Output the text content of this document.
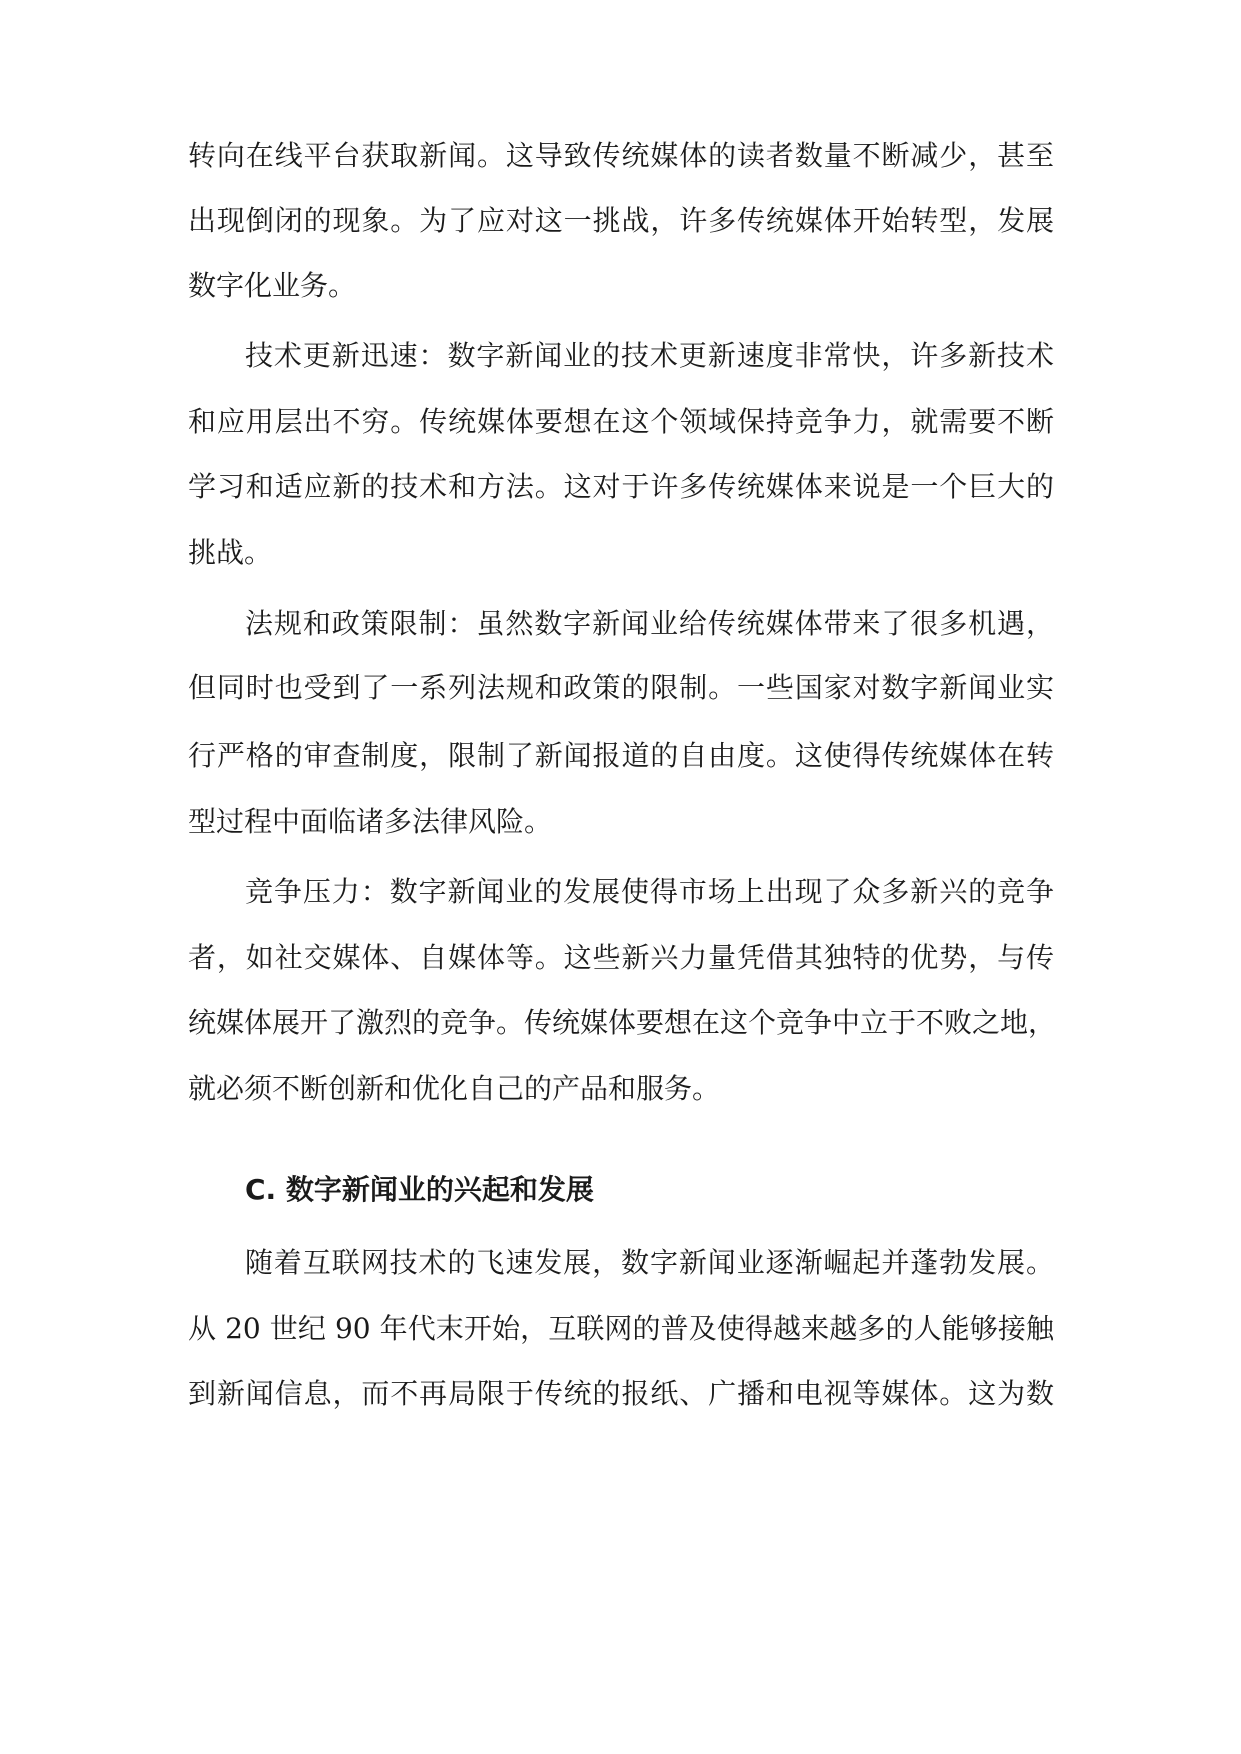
转向在线平台获取新闻。这导致传统媒体的读者数量不断减少，甚至
出现倒闭的现象。为了应对这一挑战，许多传统媒体开始转型，发展
数字化业务。
技术更新迅速：数字新闻业的技术更新速度非常快，许多新技术
和应用层出不穷。传统媒体要想在这个领域保持竞争力，就需要不断
学习和适应新的技术和方法。这对于许多传统媒体来说是一个巨大的
挑战。
法规和政策限制：虽然数字新闻业给传统媒体带来了很多机遇，
但同时也受到了一系列法规和政策的限制。一些国家对数字新闻业实
行严格的审查制度，限制了新闻报道的自由度。这使得传统媒体在转
型过程中面临诸多法律风险。
竞争压力：数字新闻业的发展使得市场上出现了众多新兴的竞争
者，如社交媒体、自媒体等。这些新兴力量凭借其独特的优势，与传
统媒体展开了激烈的竞争。传统媒体要想在这个竞争中立于不败之地，
就必须不断创新和优化自己的产品和服务。
C. 数字新闻业的兴起和发展
随着互联网技术的飞速发展，数字新闻业逐渐崛起并蓬勃发展。
从 20 世纪 90 年代末开始，互联网的普及使得越来越多的人能够接触
到新闻信息，而不再局限于传统的报纸、广播和电视等媒体。这为数
